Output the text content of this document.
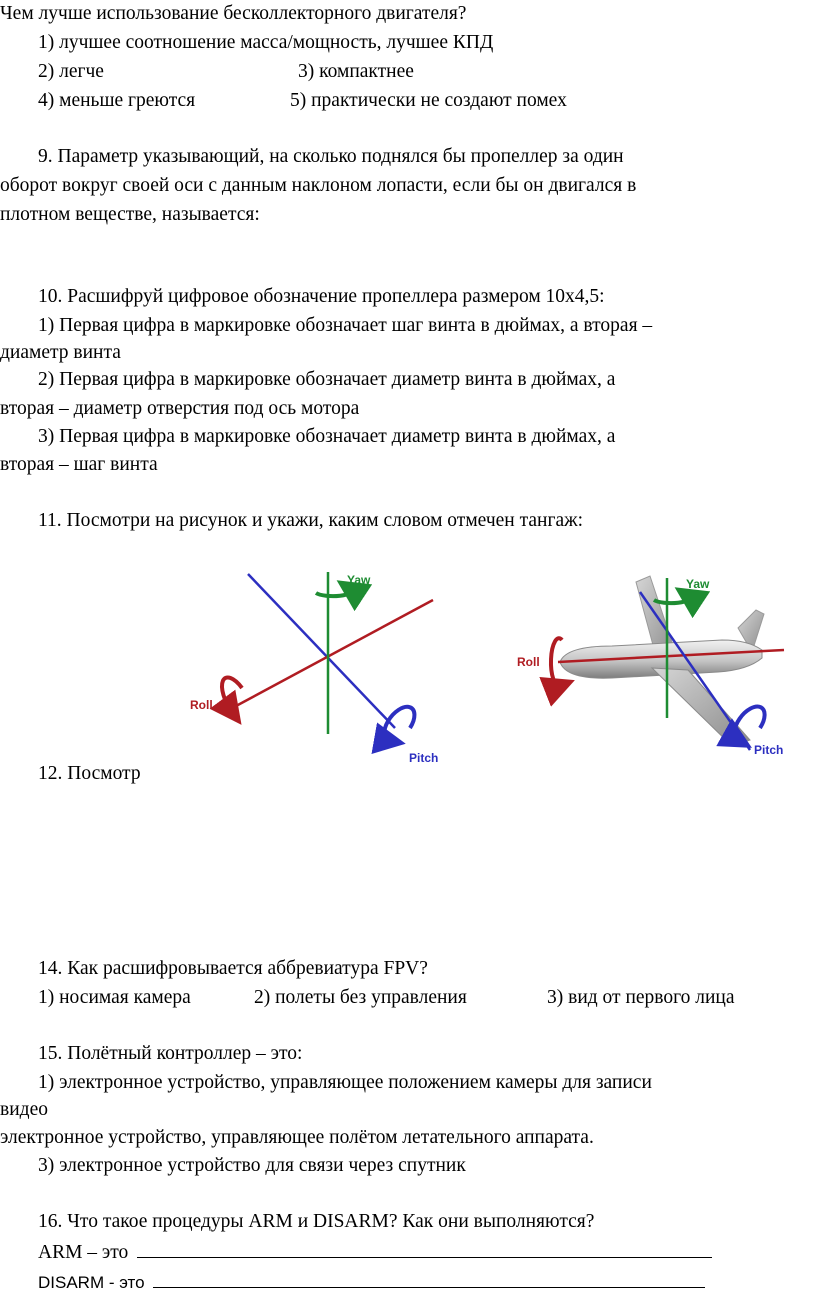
Чем лучше использование бесколлекторного двигателя?
1) лучшее соотношение масса/мощность, лучшее КПД
2) легче	3) компактнее
4) меньше греются	5) практически не создают помех
9. Параметр указывающий, на сколько поднялся бы пропеллер за один
оборот вокруг своей оси с данным наклоном лопасти, если бы он двигался в
плотном веществе, называется:
10. Расшифруй цифровое обозначение пропеллера размером 10х4,5:
1) Первая цифра в маркировке обозначает шаг винта в дюймах, а вторая –
диаметр винта
2) Первая цифра в маркировке обозначает диаметр винта в дюймах, а
вторая – диаметр отверстия под ось мотора
3) Первая цифра в маркировке обозначает диаметр винта в дюймах, а
вторая – шаг винта
11. Посмотри на рисунок и укажи, каким словом отмечен тангаж:
Yaw
Roll
Pitch
Yaw
Roll
Pitch
12. Посмотр
14. Как расшифровывается аббревиатура FPV?
1) носимая камера	2) полеты без управления	3) вид от первого лица
15. Полётный контроллер – это:
1) электронное устройство, управляющее положением камеры для записи
видео
электронное устройство, управляющее полётом летательного аппарата.
3) электронное устройство для связи через спутник
16. Что такое процедуры ARM и DISARM? Как они выполняются?
ARM – это
DISARM - это
